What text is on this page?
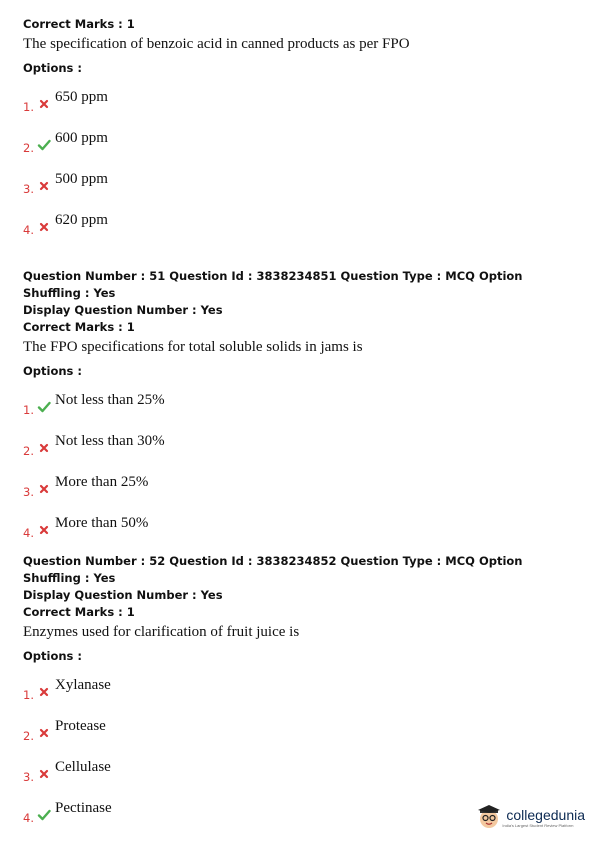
Correct Marks : 1
The specification of benzoic acid in canned products as per FPO
Options :
1.
650 ppm
2.
600 ppm
3.
500 ppm
4.
620 ppm
Question Number : 51 Question Id : 3838234851 Question Type : MCQ Option Shuffling : Yes
Display Question Number : Yes
Correct Marks : 1
The FPO specifications for total soluble solids in jams is
Options :
1.
Not less than 25%
2.
Not less than 30%
3.
More than 25%
4.
More than 50%
Question Number : 52 Question Id : 3838234852 Question Type : MCQ Option Shuffling : Yes
Display Question Number : Yes
Correct Marks : 1
Enzymes used for clarification of fruit juice is
Options :
1.
Xylanase
2.
Protease
3.
Cellulase
4.
Pectinase	collegedunia
India's Largest Student Review Platform
